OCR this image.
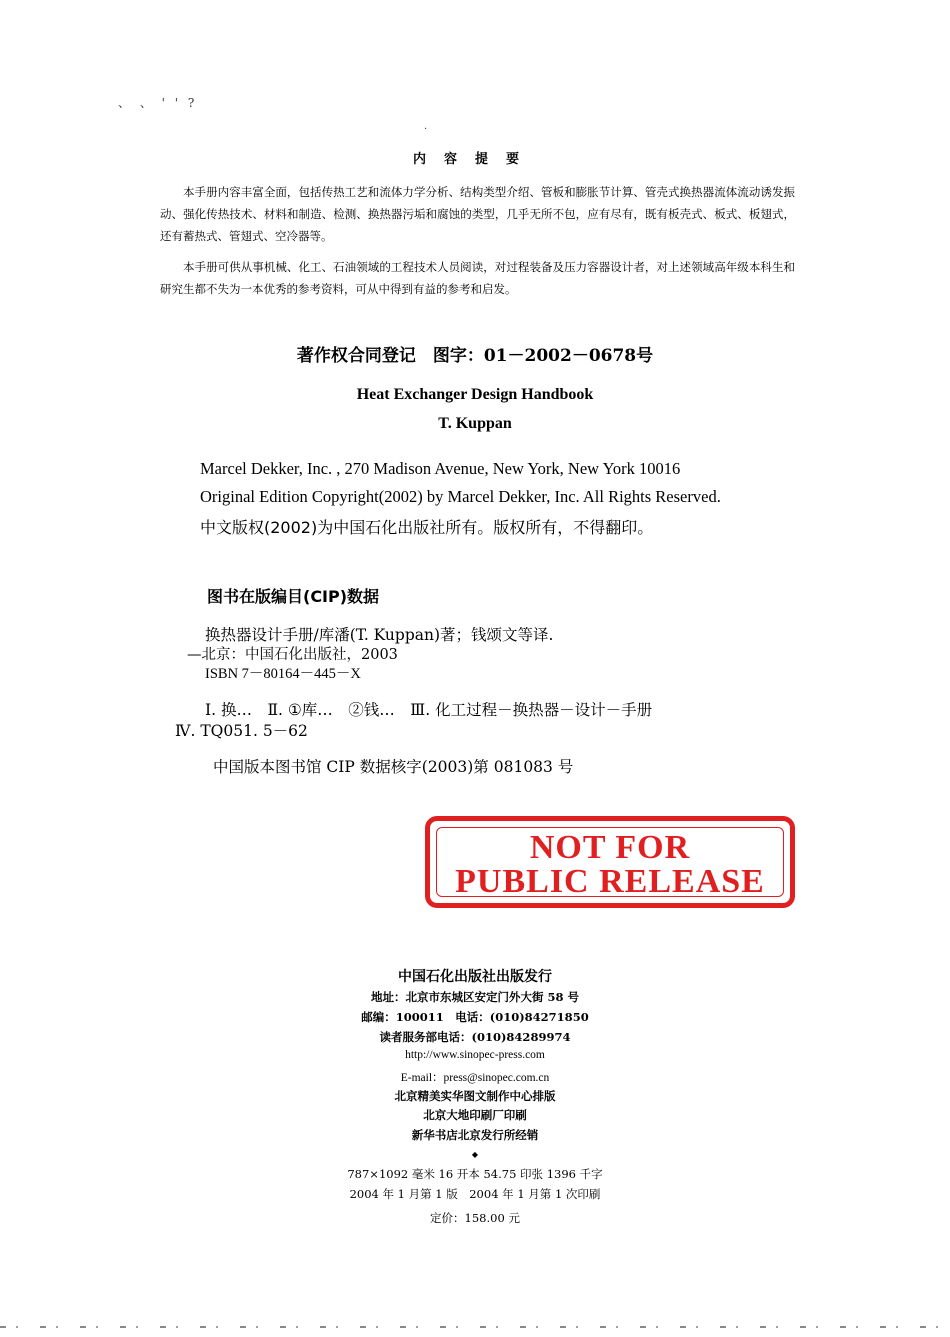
、 、 ' ' ?
·
内容提要
本手册内容丰富全面，包括传热工艺和流体力学分析、结构类型介绍、管板和膨胀节计算、管壳式换热器流体流动诱发振动、强化传热技术、材料和制造、检测、换热器污垢和腐蚀的类型，几乎无所不包，应有尽有，既有板壳式、板式、板翅式，还有蓄热式、管翅式、空冷器等。
本手册可供从事机械、化工、石油领域的工程技术人员阅读，对过程装备及压力容器设计者，对上述领域高年级本科生和研究生都不失为一本优秀的参考资料，可从中得到有益的参考和启发。
著作权合同登记　图字：01－2002－0678号
Heat Exchanger Design Handbook
T. Kuppan
Marcel Dekker, Inc. , 270 Madison Avenue, New York, New York 10016
Original Edition Copyright(2002) by Marcel Dekker, Inc. All Rights Reserved.
中文版权(2002)为中国石化出版社所有。版权所有，不得翻印。
图书在版编目(CIP)数据
换热器设计手册/库潘(T. Kuppan)著；钱颂文等译.
—北京：中国石化出版社，2003
ISBN 7－80164－445－X
Ⅰ. 换…　Ⅱ. ①库…　②钱…　Ⅲ. 化工过程－换热器－设计－手册
Ⅳ. TQ051. 5－62
中国版本图书馆 CIP 数据核字(2003)第 081083 号
NOT FOR
PUBLIC RELEASE
中国石化出版社出版发行
地址：北京市东城区安定门外大街 58 号
邮编：100011　电话：(010)84271850
读者服务部电话：(010)84289974
http://www.sinopec-press.com
E-mail：press@sinopec.com.cn
北京精美实华图文制作中心排版
北京大地印刷厂印刷
新华书店北京发行所经销
◆
787×1092 毫米 16 开本 54.75 印张 1396 千字
2004 年 1 月第 1 版　2004 年 1 月第 1 次印刷
定价：158.00 元
